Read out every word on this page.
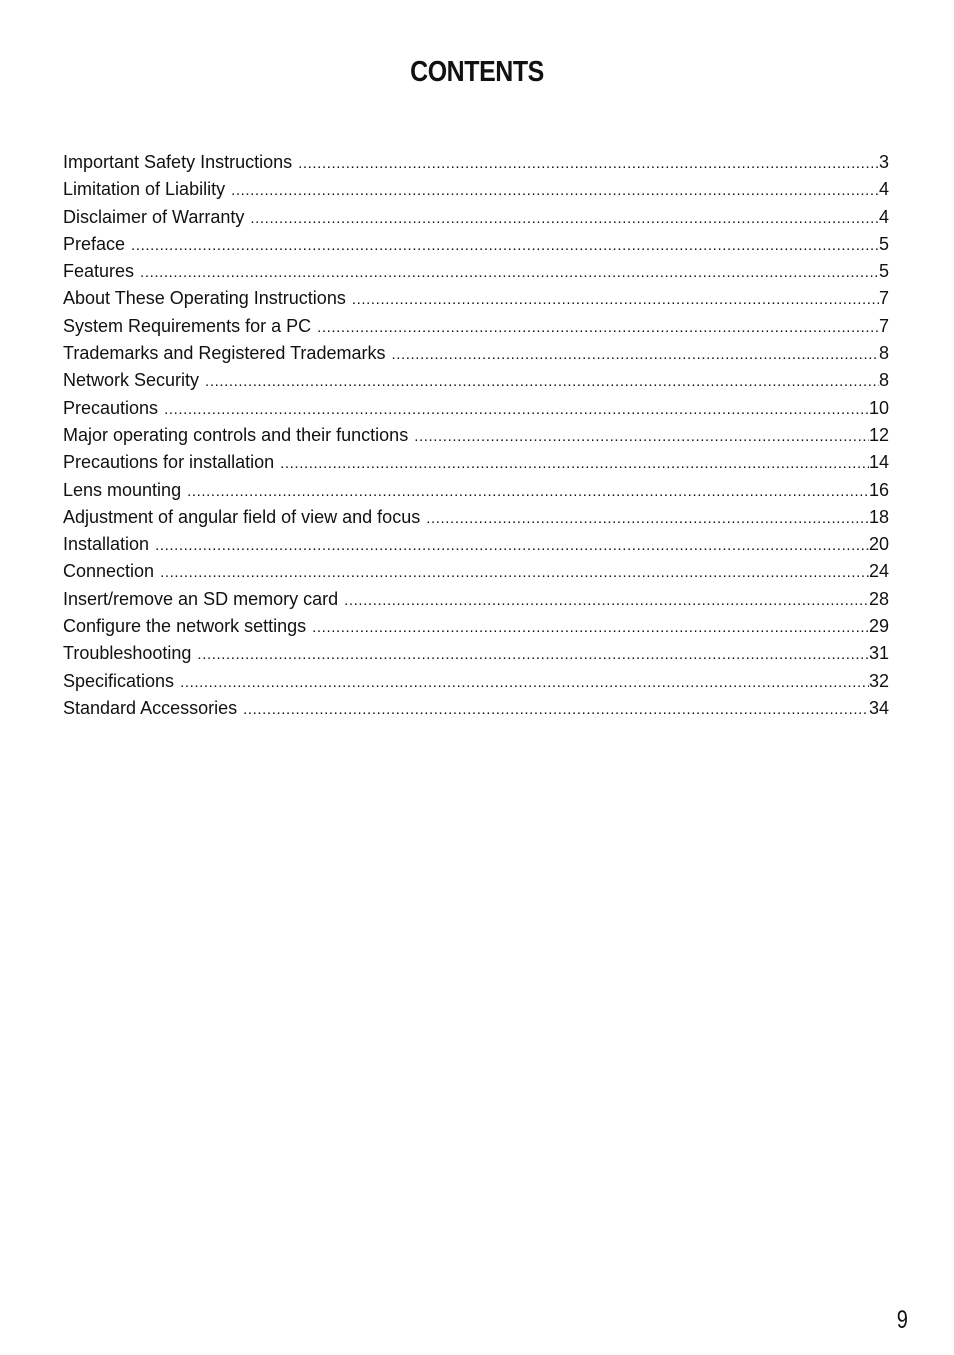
CONTENTS
Important Safety Instructions .....	3
Limitation of Liability .....	4
Disclaimer of Warranty .....	4
Preface .....	5
Features .....	5
About These Operating Instructions .....	7
System Requirements for a PC .....	7
Trademarks and Registered Trademarks .....	8
Network Security .....	8
Precautions .....	10
Major operating controls and their functions .....	12
Precautions for installation .....	14
Lens mounting .....	16
Adjustment of angular field of view and focus .....	18
Installation .....	20
Connection .....	24
Insert/remove an SD memory card .....	28
Configure the network settings .....	29
Troubleshooting .....	31
Specifications .....	32
Standard Accessories .....	34
9
